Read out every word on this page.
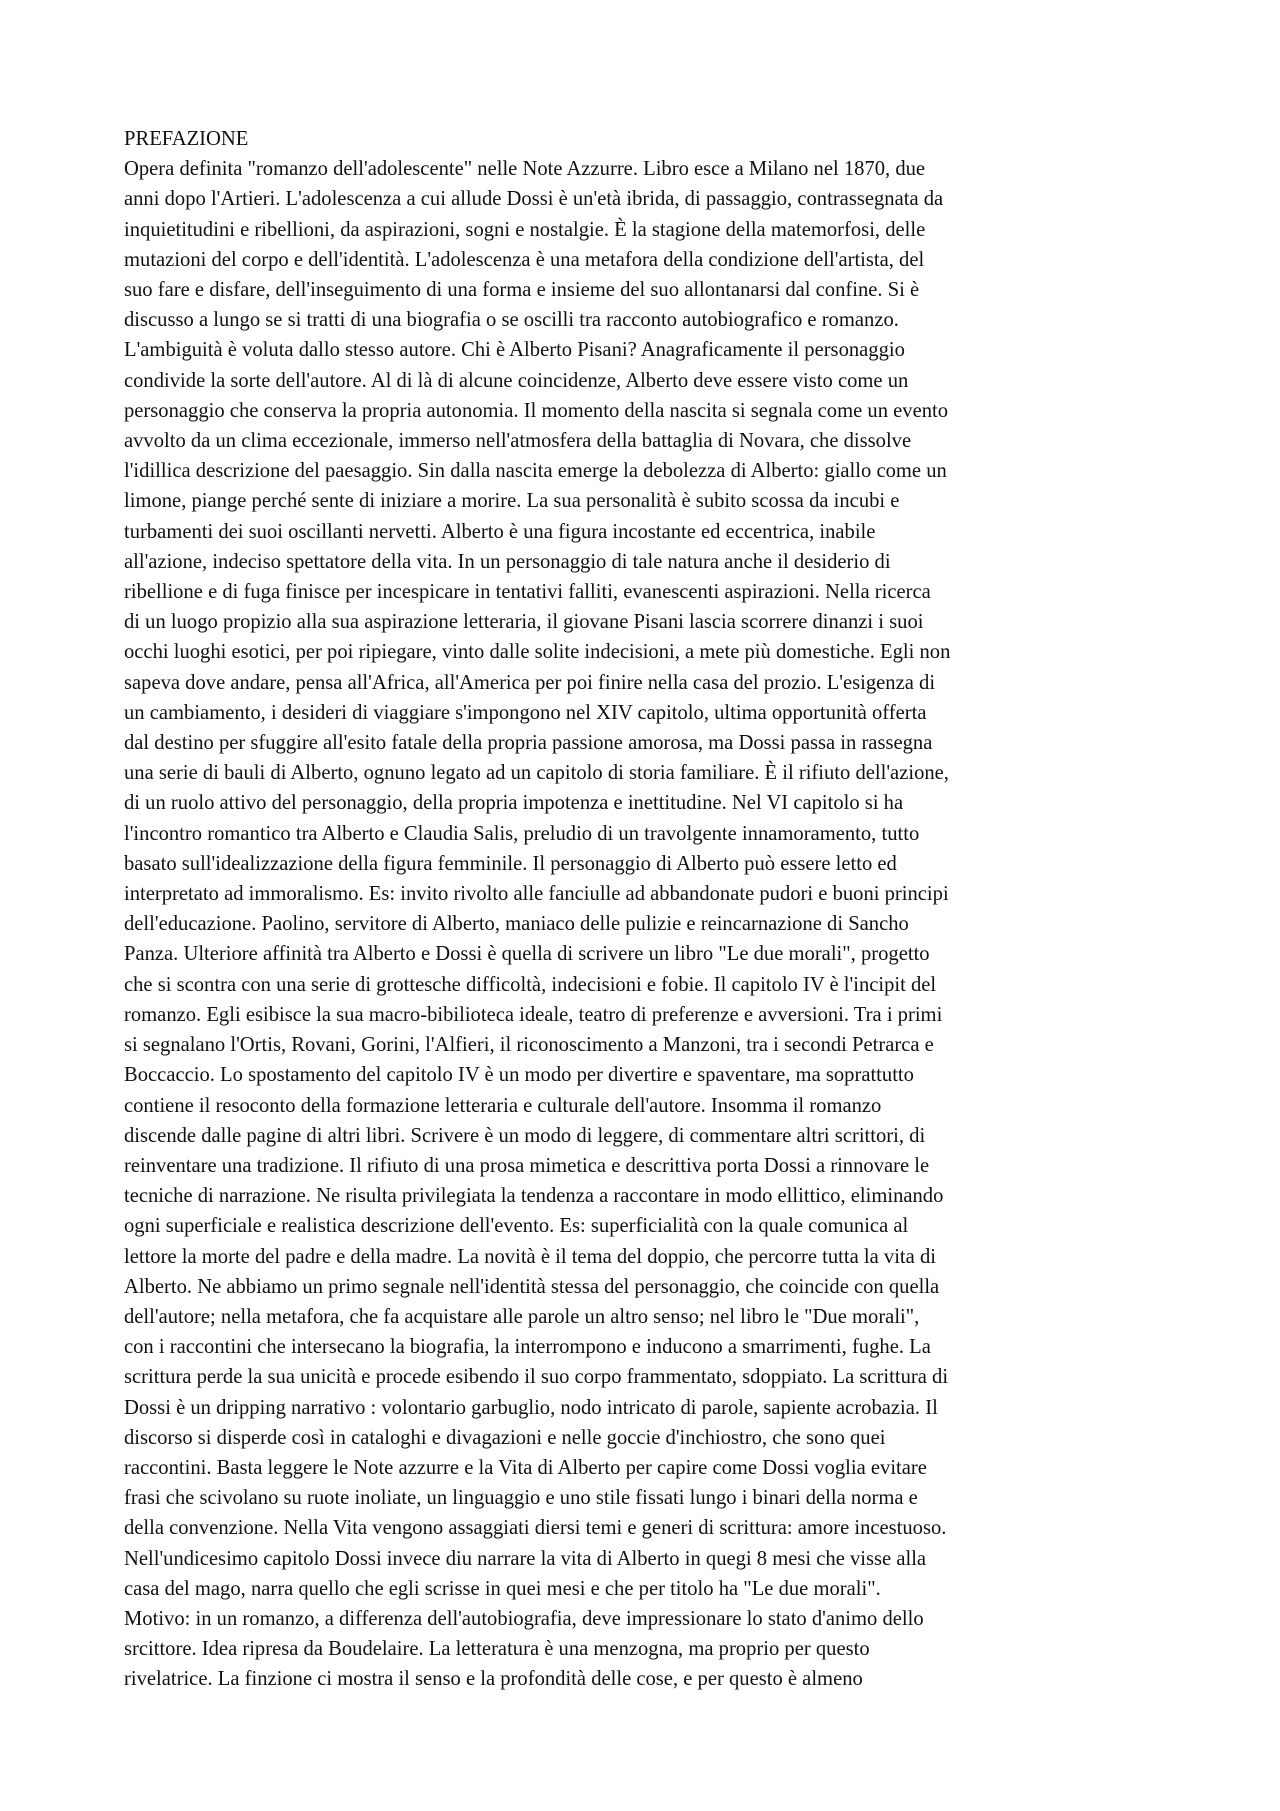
PREFAZIONE
Opera definita "romanzo dell'adolescente" nelle Note Azzurre. Libro esce a Milano nel 1870, due
anni dopo l'Artieri. L'adolescenza a cui allude Dossi è un'età ibrida, di passaggio, contrassegnata da
inquietitudini e ribellioni, da aspirazioni, sogni e nostalgie. È la stagione della matemorfosi, delle
mutazioni del corpo e dell'identità. L'adolescenza è una metafora della condizione dell'artista, del
suo fare e disfare, dell'inseguimento di una forma e insieme del suo allontanarsi dal confine. Si è
discusso a lungo se si tratti di una biografia o se oscilli tra racconto autobiografico e romanzo.
L'ambiguità è voluta dallo stesso autore. Chi è Alberto Pisani? Anagraficamente il personaggio
condivide la sorte dell'autore. Al di là di alcune coincidenze, Alberto deve essere visto come un
personaggio che conserva la propria autonomia. Il momento della nascita si segnala come un evento
avvolto da un clima eccezionale, immerso nell'atmosfera della battaglia di Novara, che dissolve
l'idillica descrizione del paesaggio. Sin dalla nascita emerge la debolezza di Alberto: giallo come un
limone, piange perché sente di iniziare a morire. La sua personalità è subito scossa da incubi e
turbamenti dei suoi oscillanti nervetti. Alberto è una figura incostante ed eccentrica, inabile
all'azione, indeciso spettatore della vita. In un personaggio di tale natura anche il desiderio di
ribellione e di fuga finisce per incespicare in tentativi falliti, evanescenti aspirazioni. Nella ricerca
di un luogo propizio alla sua aspirazione letteraria, il giovane Pisani lascia scorrere dinanzi i suoi
occhi luoghi esotici, per poi ripiegare, vinto dalle solite indecisioni, a mete più domestiche. Egli non
sapeva dove andare, pensa all'Africa, all'America per poi finire nella casa del prozio. L'esigenza di
un cambiamento, i desideri di viaggiare s'impongono nel XIV capitolo, ultima opportunità offerta
dal destino per sfuggire all'esito fatale della propria passione amorosa, ma Dossi passa in rassegna
una serie di bauli di Alberto, ognuno legato ad un capitolo di storia familiare. È il rifiuto dell'azione,
di un ruolo attivo del personaggio, della propria impotenza e inettitudine. Nel VI capitolo si ha
l'incontro romantico tra Alberto e Claudia Salis, preludio di un travolgente innamoramento, tutto
basato sull'idealizzazione della figura femminile. Il personaggio di Alberto può essere letto ed
interpretato ad immoralismo. Es: invito rivolto alle fanciulle ad abbandonate pudori e buoni principi
dell'educazione. Paolino, servitore di Alberto, maniaco delle pulizie e reincarnazione di Sancho
Panza. Ulteriore affinità tra Alberto e Dossi è quella di scrivere un libro "Le due morali", progetto
che si scontra con una serie di grottesche difficoltà, indecisioni e fobie. Il capitolo IV è l'incipit del
romanzo. Egli esibisce la sua macro-bibilioteca ideale, teatro di preferenze e avversioni. Tra i primi
si segnalano l'Ortis, Rovani, Gorini, l'Alfieri, il riconoscimento a Manzoni, tra i secondi Petrarca e
Boccaccio. Lo spostamento del capitolo IV è un modo per divertire e spaventare, ma soprattutto
contiene il resoconto della formazione letteraria e culturale dell'autore. Insomma il romanzo
discende dalle pagine di altri libri. Scrivere è un modo di leggere, di commentare altri scrittori, di
reinventare una tradizione. Il rifiuto di una prosa mimetica e descrittiva porta Dossi a rinnovare le
tecniche di narrazione. Ne risulta privilegiata la tendenza a raccontare in modo ellittico, eliminando
ogni superficiale e realistica descrizione dell'evento. Es: superficialità con la quale comunica al
lettore la morte del padre e della madre. La novità è il tema del doppio, che percorre tutta la vita di
Alberto. Ne abbiamo un primo segnale nell'identità stessa del personaggio, che coincide con quella
dell'autore; nella metafora, che fa acquistare alle parole un altro senso; nel libro le "Due morali",
con i raccontini che intersecano la biografia, la interrompono e inducono a smarrimenti, fughe. La
scrittura perde la sua unicità e procede esibendo il suo corpo frammentato, sdoppiato. La scrittura di
Dossi è un dripping narrativo : volontario garbuglio, nodo intricato di parole, sapiente acrobazia. Il
discorso si disperde così in cataloghi e divagazioni e nelle goccie d'inchiostro, che sono quei
raccontini. Basta leggere le Note azzurre e la Vita di Alberto per capire come Dossi voglia evitare
frasi che scivolano su ruote inoliate, un linguaggio e uno stile fissati lungo i binari della norma e
della convenzione. Nella Vita vengono assaggiati diersi temi e generi di scrittura: amore incestuoso.
Nell'undicesimo capitolo Dossi invece diu narrare la vita di Alberto in quegi 8 mesi che visse alla
casa del mago, narra quello che egli scrisse in quei mesi e che per titolo ha "Le due morali".
Motivo: in un romanzo, a differenza dell'autobiografia, deve impressionare lo stato d'animo dello
srcittore. Idea ripresa da Boudelaire. La letteratura è una menzogna, ma proprio per questo
rivelatrice. La finzione ci mostra il senso e la profondità delle cose, e per questo è almeno
